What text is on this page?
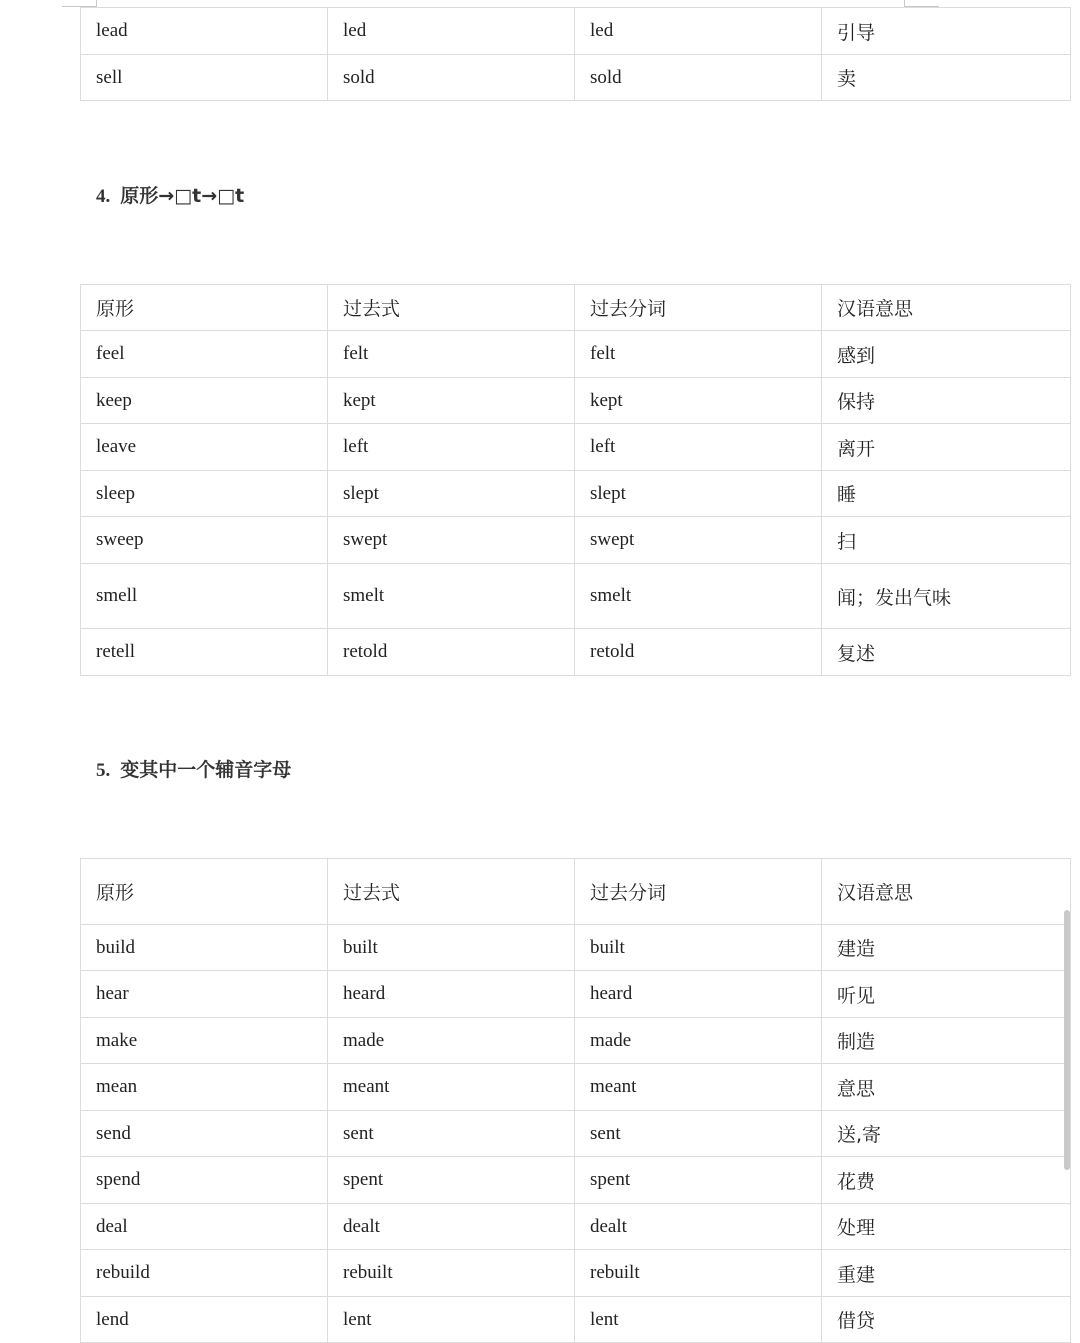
lead	led	led	引导
sell	sold	sold	卖
4. 原形→□t→□t
原形	过去式	过去分词	汉语意思
feel	felt	felt	感到
keep	kept	kept	保持
leave	left	left	离开
sleep	slept	slept	睡
sweep	swept	swept	扫
smell	smelt	smelt	闻；发出气味
retell	retold	retold	复述
5. 变其中一个辅音字母
原形	过去式	过去分词	汉语意思
build	built	built	建造
hear	heard	heard	听见
make	made	made	制造
mean	meant	meant	意思
send	sent	sent	送,寄
spend	spent	spent	花费
deal	dealt	dealt	处理
rebuild	rebuilt	rebuilt	重建
lend	lent	lent	借贷
